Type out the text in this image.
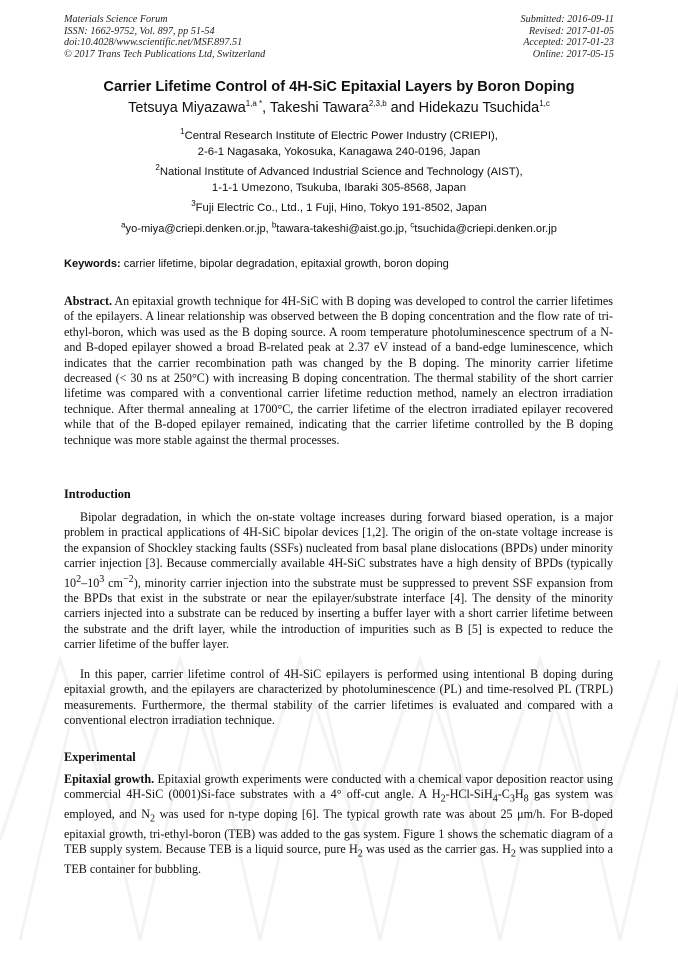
Materials Science Forum
ISSN: 1662-9752, Vol. 897, pp 51-54
doi:10.4028/www.scientific.net/MSF.897.51
© 2017 Trans Tech Publications Ltd, Switzerland
Submitted: 2016-09-11
Revised: 2017-01-05
Accepted: 2017-01-23
Online: 2017-05-15
Carrier Lifetime Control of 4H-SiC Epitaxial Layers by Boron Doping
Tetsuya Miyazawa$^{1,a *}$, Takeshi Tawara$^{2,3,b}$ and Hidekazu Tsuchida$^{1,c}$
$^1$Central Research Institute of Electric Power Industry (CRIEPI),
2-6-1 Nagasaka, Yokosuka, Kanagawa 240-0196, Japan
$^2$National Institute of Advanced Industrial Science and Technology (AIST),
1-1-1 Umezono, Tsukuba, Ibaraki 305-8568, Japan
$^3$Fuji Electric Co., Ltd., 1 Fuji, Hino, Tokyo 191-8502, Japan
$^a$yo-miya@criepi.denken.or.jp, $^b$tawara-takeshi@aist.go.jp, $^c$tsuchida@criepi.denken.or.jp
Keywords: carrier lifetime, bipolar degradation, epitaxial growth, boron doping
Abstract. An epitaxial growth technique for 4H-SiC with B doping was developed to control the carrier lifetimes of the epilayers. A linear relationship was observed between the B doping concentration and the flow rate of tri-ethyl-boron, which was used as the B doping source. A room temperature photoluminescence spectrum of a N- and B-doped epilayer showed a broad B-related peak at 2.37 eV instead of a band-edge luminescence, which indicates that the carrier recombination path was changed by the B doping. The minority carrier lifetime decreased (< 30 ns at 250°C) with increasing B doping concentration. The thermal stability of the short carrier lifetime was compared with a conventional carrier lifetime reduction method, namely an electron irradiation technique. After thermal annealing at 1700°C, the carrier lifetime of the electron irradiated epilayer recovered while that of the B-doped epilayer remained, indicating that the carrier lifetime controlled by the B doping technique was more stable against the thermal processes.
Introduction
Bipolar degradation, in which the on-state voltage increases during forward biased operation, is a major problem in practical applications of 4H-SiC bipolar devices [1,2]. The origin of the on-state voltage increase is the expansion of Shockley stacking faults (SSFs) nucleated from basal plane dislocations (BPDs) under minority carrier injection [3]. Because commercially available 4H-SiC substrates have a high density of BPDs (typically $10^2-10^3$ $cm^{-2}$), minority carrier injection into the substrate must be suppressed to prevent SSF expansion from the BPDs that exist in the substrate or near the epilayer/substrate interface [4]. The density of the minority carriers injected into a substrate can be reduced by inserting a buffer layer with a short carrier lifetime between the substrate and the drift layer, while the introduction of impurities such as B [5] is expected to reduce the carrier lifetime of the buffer layer.
In this paper, carrier lifetime control of 4H-SiC epilayers is performed using intentional B doping during epitaxial growth, and the epilayers are characterized by photoluminescence (PL) and time-resolved PL (TRPL) measurements. Furthermore, the thermal stability of the carrier lifetimes is evaluated and compared with a conventional electron irradiation technique.
Experimental
Epitaxial growth. Epitaxial growth experiments were conducted with a chemical vapor deposition reactor using commercial 4H-SiC (0001)Si-face substrates with a 4° off-cut angle. A $H_2-HCl-SiH_4-C_3H_8$ gas system was employed, and $N_2$ was used for n-type doping [6]. The typical growth rate was about 25 μm/h. For B-doped epitaxial growth, tri-ethyl-boron (TEB) was added to the gas system. Figure 1 shows the schematic diagram of a TEB supply system. Because TEB is a liquid source, pure $H_2$ was used as the carrier gas. $H_2$ was supplied into a TEB container for bubbling.
